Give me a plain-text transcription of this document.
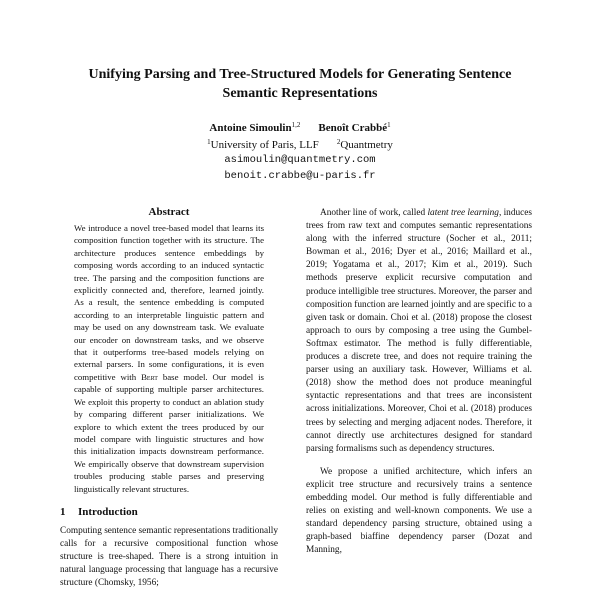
Unifying Parsing and Tree-Structured Models for Generating Sentence
Semantic Representations
Antoine Simoulin$^{1,2}$ Benoît Crabbé$^1$
$^1$University of Paris, LLF	$^2$Quantmetry
asimoulin@quantmetry.com
benoit.crabbe@u-paris.fr
Abstract

We introduce a novel tree-based model that learns its composition function together with its structure. The architecture produces sentence embeddings by composing words according to an induced syntactic tree. The parsing and the composition functions are explicitly connected and, therefore, learned jointly. As a result, the sentence embedding is computed according to an interpretable linguistic pattern and may be used on any downstream task. We evaluate our encoder on downstream tasks, and we observe that it outperforms tree-based models relying on external parsers. In some configurations, it is even competitive with Bert base model. Our model is capable of supporting multiple parser architectures. We exploit this property to conduct an ablation study by comparing different parser initializations. We explore to which extent the trees produced by our model compare with linguistic structures and how this initialization impacts downstream performance. We empirically observe that downstream supervision troubles producing stable parses and preserving linguistically relevant structures.

1 Introduction

Computing sentence semantic representations traditionally calls for a recursive compositional function whose structure is tree-shaped. There is a strong intuition in natural language processing that language has a recursive structure (Chomsky, 1956;

Another line of work, called latent tree learning, induces trees from raw text and computes semantic representations along with the inferred structure (Socher et al., 2011; Bowman et al., 2016; Dyer et al., 2016; Maillard et al., 2019; Yogatama et al., 2017; Kim et al., 2019). Such methods preserve explicit recursive computation and produce intelligible tree structures. Moreover, the parser and composition function are learned jointly and are specific to a given task or domain. Choi et al. (2018) propose the closest approach to ours by composing a tree using the Gumbel-Softmax estimator. The method is fully differentiable, produces a discrete tree, and does not require training the parser using an auxiliary task. However, Williams et al. (2018) show the method does not produce meaningful syntactic representations and that trees are inconsistent across initializations. Moreover, Choi et al. (2018) produces trees by selecting and merging adjacent nodes. Therefore, it cannot directly use architectures designed for standard parsing formalisms such as dependency structures.

We propose a unified architecture, which infers an explicit tree structure and recursively trains a sentence embedding model. Our method is fully differentiable and relies on existing and well-known components. We use a standard dependency parsing structure, obtained using a graph-based biaffine dependency parser (Dozat and Manning,
